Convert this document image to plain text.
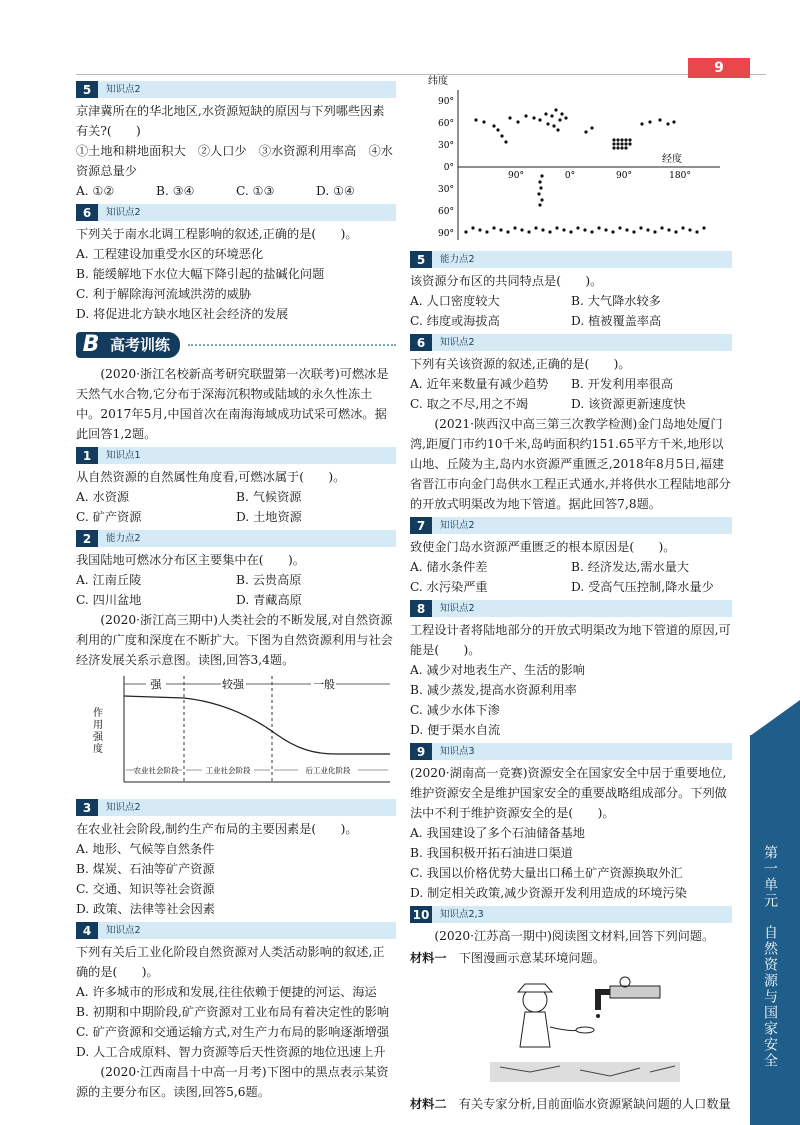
9
5	知识点2

京津冀所在的华北地区,水资源短缺的原因与下列哪些因素有关?(　　)

①土地和耕地面积大　②人口少　③水资源利用率高　④水资源总量少

A. ①②	B. ③④	C. ①③	D. ①④
6	知识点2

下列关于南水北调工程影响的叙述,正确的是(　　)。

A. 工程建设加重受水区的环境恶化

B. 能缓解地下水位大幅下降引起的盐碱化问题

C. 利于解除海河流域洪涝的威胁

D. 将促进北方缺水地区社会经济的发展

B 高考训练

(2020·浙江名校新高考研究联盟第一次联考)可燃冰是天然气水合物,它分布于深海沉积物或陆域的永久性冻土中。2017年5月,中国首次在南海海域成功试采可燃冰。据此回答1,2题。

1	知识点1

从自然资源的自然属性角度看,可燃冰属于(　　)。

A. 水资源	B. 气候资源
C. 矿产资源	D. 土地资源
2	能力点2

我国陆地可燃冰分布区主要集中在(　　)。

A. 江南丘陵	B. 云贵高原
C. 四川盆地	D. 青藏高原

(2020·浙江高三期中)人类社会的不断发展,对自然资源利用的广度和深度在不断扩大。下图为自然资源利用与社会经济发展关系示意图。读图,回答3,4题。

强	较强	一般
作
用
强
度
农业社会阶段	工业社会阶段	后工业化阶段
3	知识点2

在农业社会阶段,制约生产布局的主要因素是(　　)。

A. 地形、气候等自然条件

B. 煤炭、石油等矿产资源

C. 交通、知识等社会资源

D. 政策、法律等社会因素

4	知识点2

下列有关后工业化阶段自然资源对人类活动影响的叙述,正确的是(　　)。

A. 许多城市的形成和发展,往往依赖于便捷的河运、海运

B. 初期和中期阶段,矿产资源对工业布局有着决定性的影响

C. 矿产资源和交通运输方式,对生产力布局的影响逐渐增强

D. 人工合成原料、智力资源等后天性资源的地位迅速上升

(2020·江西南昌十中高一月考)下图中的黑点表示某资源的主要分布区。读图,回答5,6题。

纬度
经度
90°
60°
30°
0°
30°
60°
90°
90°	0°	90°	180°
5	能力点2

该资源分布区的共同特点是(　　)。

A. 人口密度较大	B. 大气降水较多
C. 纬度或海拔高	D. 植被覆盖率高
6	知识点2

下列有关该资源的叙述,正确的是(　　)。

A. 近年来数量有减少趋势	B. 开发利用率很高
C. 取之不尽,用之不竭	D. 该资源更新速度快

(2021·陕西汉中高三第三次教学检测)金门岛地处厦门湾,距厦门市约10千米,岛屿面积约151.65平方千米,地形以山地、丘陵为主,岛内水资源严重匮乏,2018年8月5日,福建省晋江市向金门岛供水工程正式通水,并将供水工程陆地部分的开放式明渠改为地下管道。据此回答7,8题。

7	知识点2

致使金门岛水资源严重匮乏的根本原因是(　　)。

A. 储水条件差	B. 经济发达,需水量大
C. 水污染严重	D. 受高气压控制,降水量少
8	知识点2

工程设计者将陆地部分的开放式明渠改为地下管道的原因,可能是(　　)。

A. 减少对地表生产、生活的影响

B. 减少蒸发,提高水资源利用率

C. 减少水体下渗

D. 便于渠水自流

9	知识点3

(2020·湖南高一竞赛)资源安全在国家安全中居于重要地位,维护资源安全是维护国家安全的重要战略组成部分。下列做法中不利于维护资源安全的是(　　)。

A. 我国建设了多个石油储备基地

B. 我国积极开拓石油进口渠道

C. 我国以价格优势大量出口稀土矿产资源换取外汇

D. 制定相关政策,减少资源开发利用造成的环境污染

10 知识点2,3

(2020·江苏高一期中)阅读图文材料,回答下列问题。

材料一　 下图漫画示意某环境问题。

材料二　 有关专家分析,目前面临水资源紧缺问题的人口数量

第一单元　自然资源与国家安全
